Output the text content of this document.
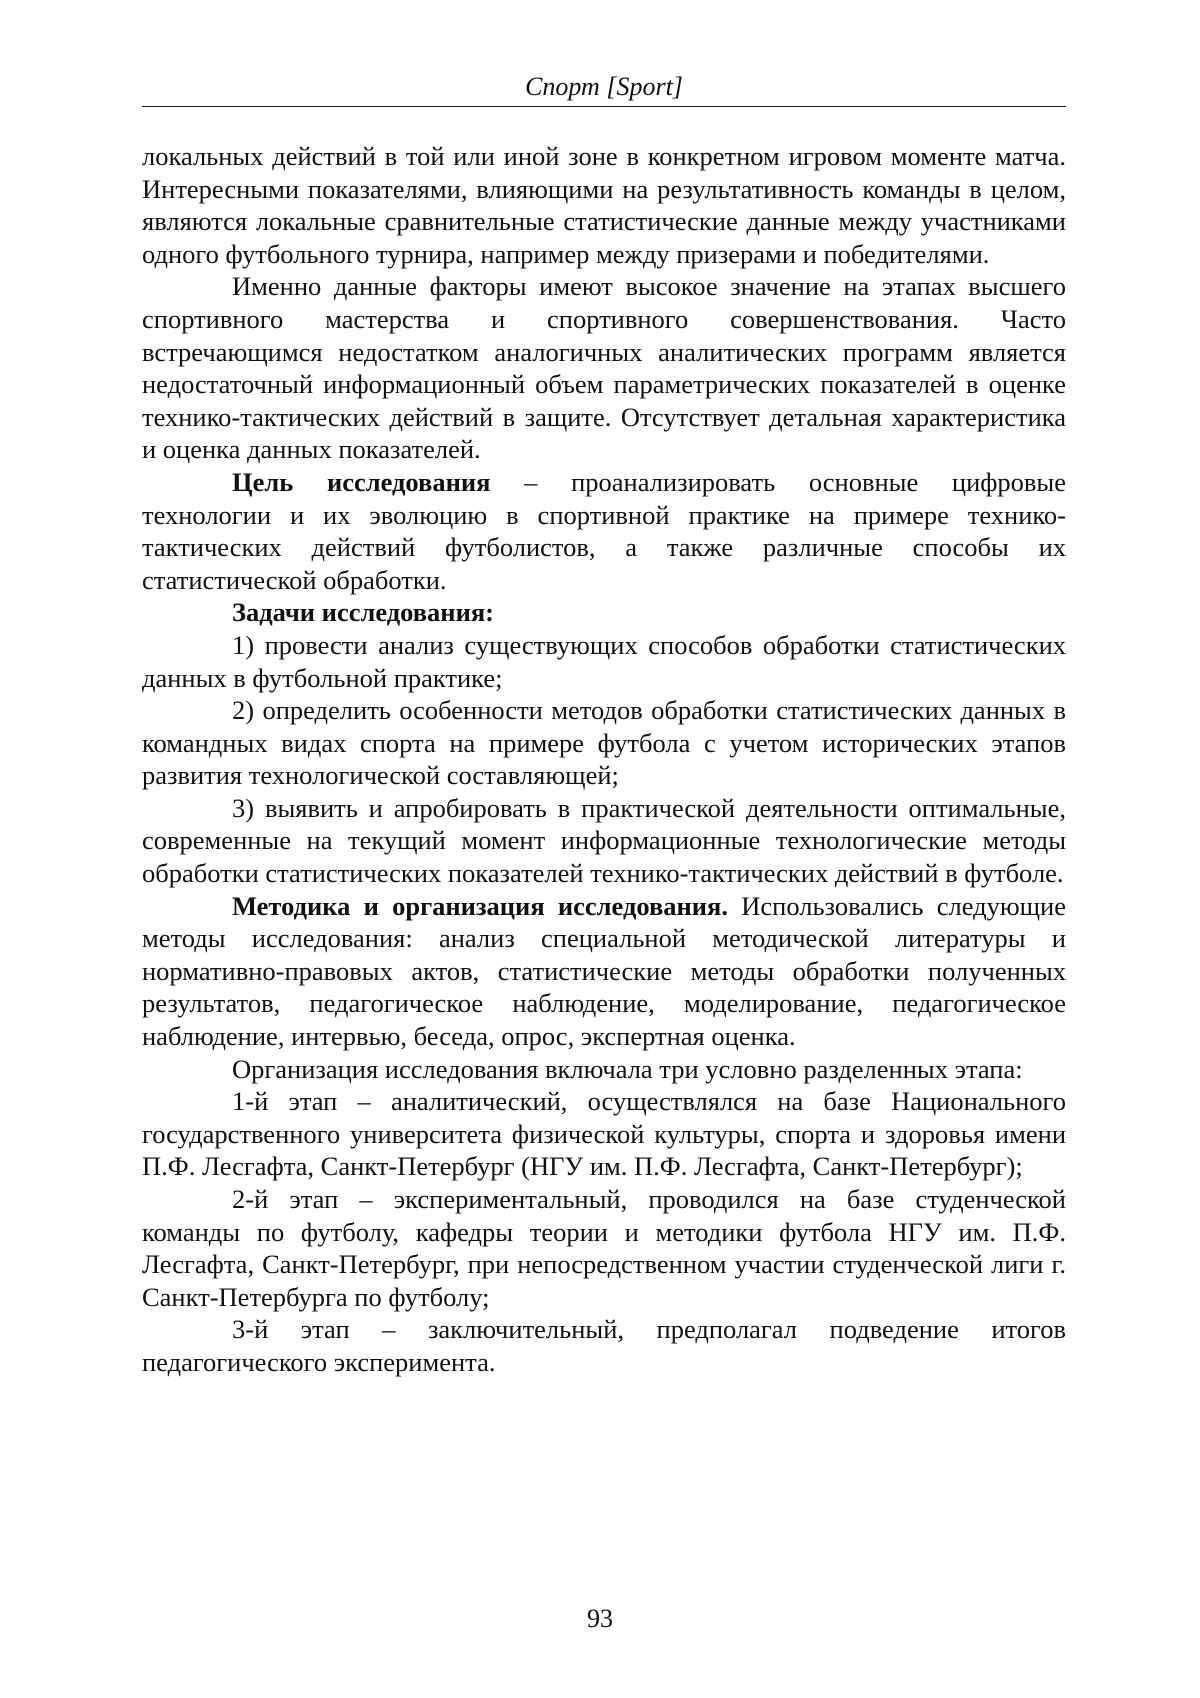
Спорт [Sport]

локальных действий в той или иной зоне в конкретном игровом моменте матча. Интересными показателями, влияющими на результативность команды в целом, являются локальные сравнительные статистические данные между участниками одного футбольного турнира, например между призерами и победителями.

Именно данные факторы имеют высокое значение на этапах высшего спортивного мастерства и спортивного совершенствования. Часто встречающимся недостатком аналогичных аналитических программ является недостаточный информационный объем параметрических показателей в оценке технико-тактических действий в защите. Отсутствует детальная характеристика и оценка данных показателей.

Цель исследования – проанализировать основные цифровые технологии и их эволюцию в спортивной практике на примере технико-тактических действий футболистов, а также различные способы их статистической обработки.

Задачи исследования:

1) провести анализ существующих способов обработки статистических данных в футбольной практике;

2) определить особенности методов обработки статистических данных в командных видах спорта на примере футбола с учетом исторических этапов развития технологической составляющей;

3) выявить и апробировать в практической деятельности оптимальные, современные на текущий момент информационные технологические методы обработки статистических показателей технико-тактических действий в футболе.

Методика и организация исследования. Использовались следующие методы исследования: анализ специальной методической литературы и нормативно-правовых актов, статистические методы обработки полученных результатов, педагогическое наблюдение, моделирование, педагогическое наблюдение, интервью, беседа, опрос, экспертная оценка.

Организация исследования включала три условно разделенных этапа:

1-й этап – аналитический, осуществлялся на базе Национального государственного университета физической культуры, спорта и здоровья имени П.Ф. Лесгафта, Санкт-Петербург (НГУ им. П.Ф. Лесгафта, Санкт-Петербург);

2-й этап – экспериментальный, проводился на базе студенческой команды по футболу, кафедры теории и методики футбола НГУ им. П.Ф. Лесгафта, Санкт-Петербург, при непосредственном участии студенческой лиги г. Санкт-Петербурга по футболу;

3-й этап – заключительный, предполагал подведение итогов педагогического эксперимента.

93
